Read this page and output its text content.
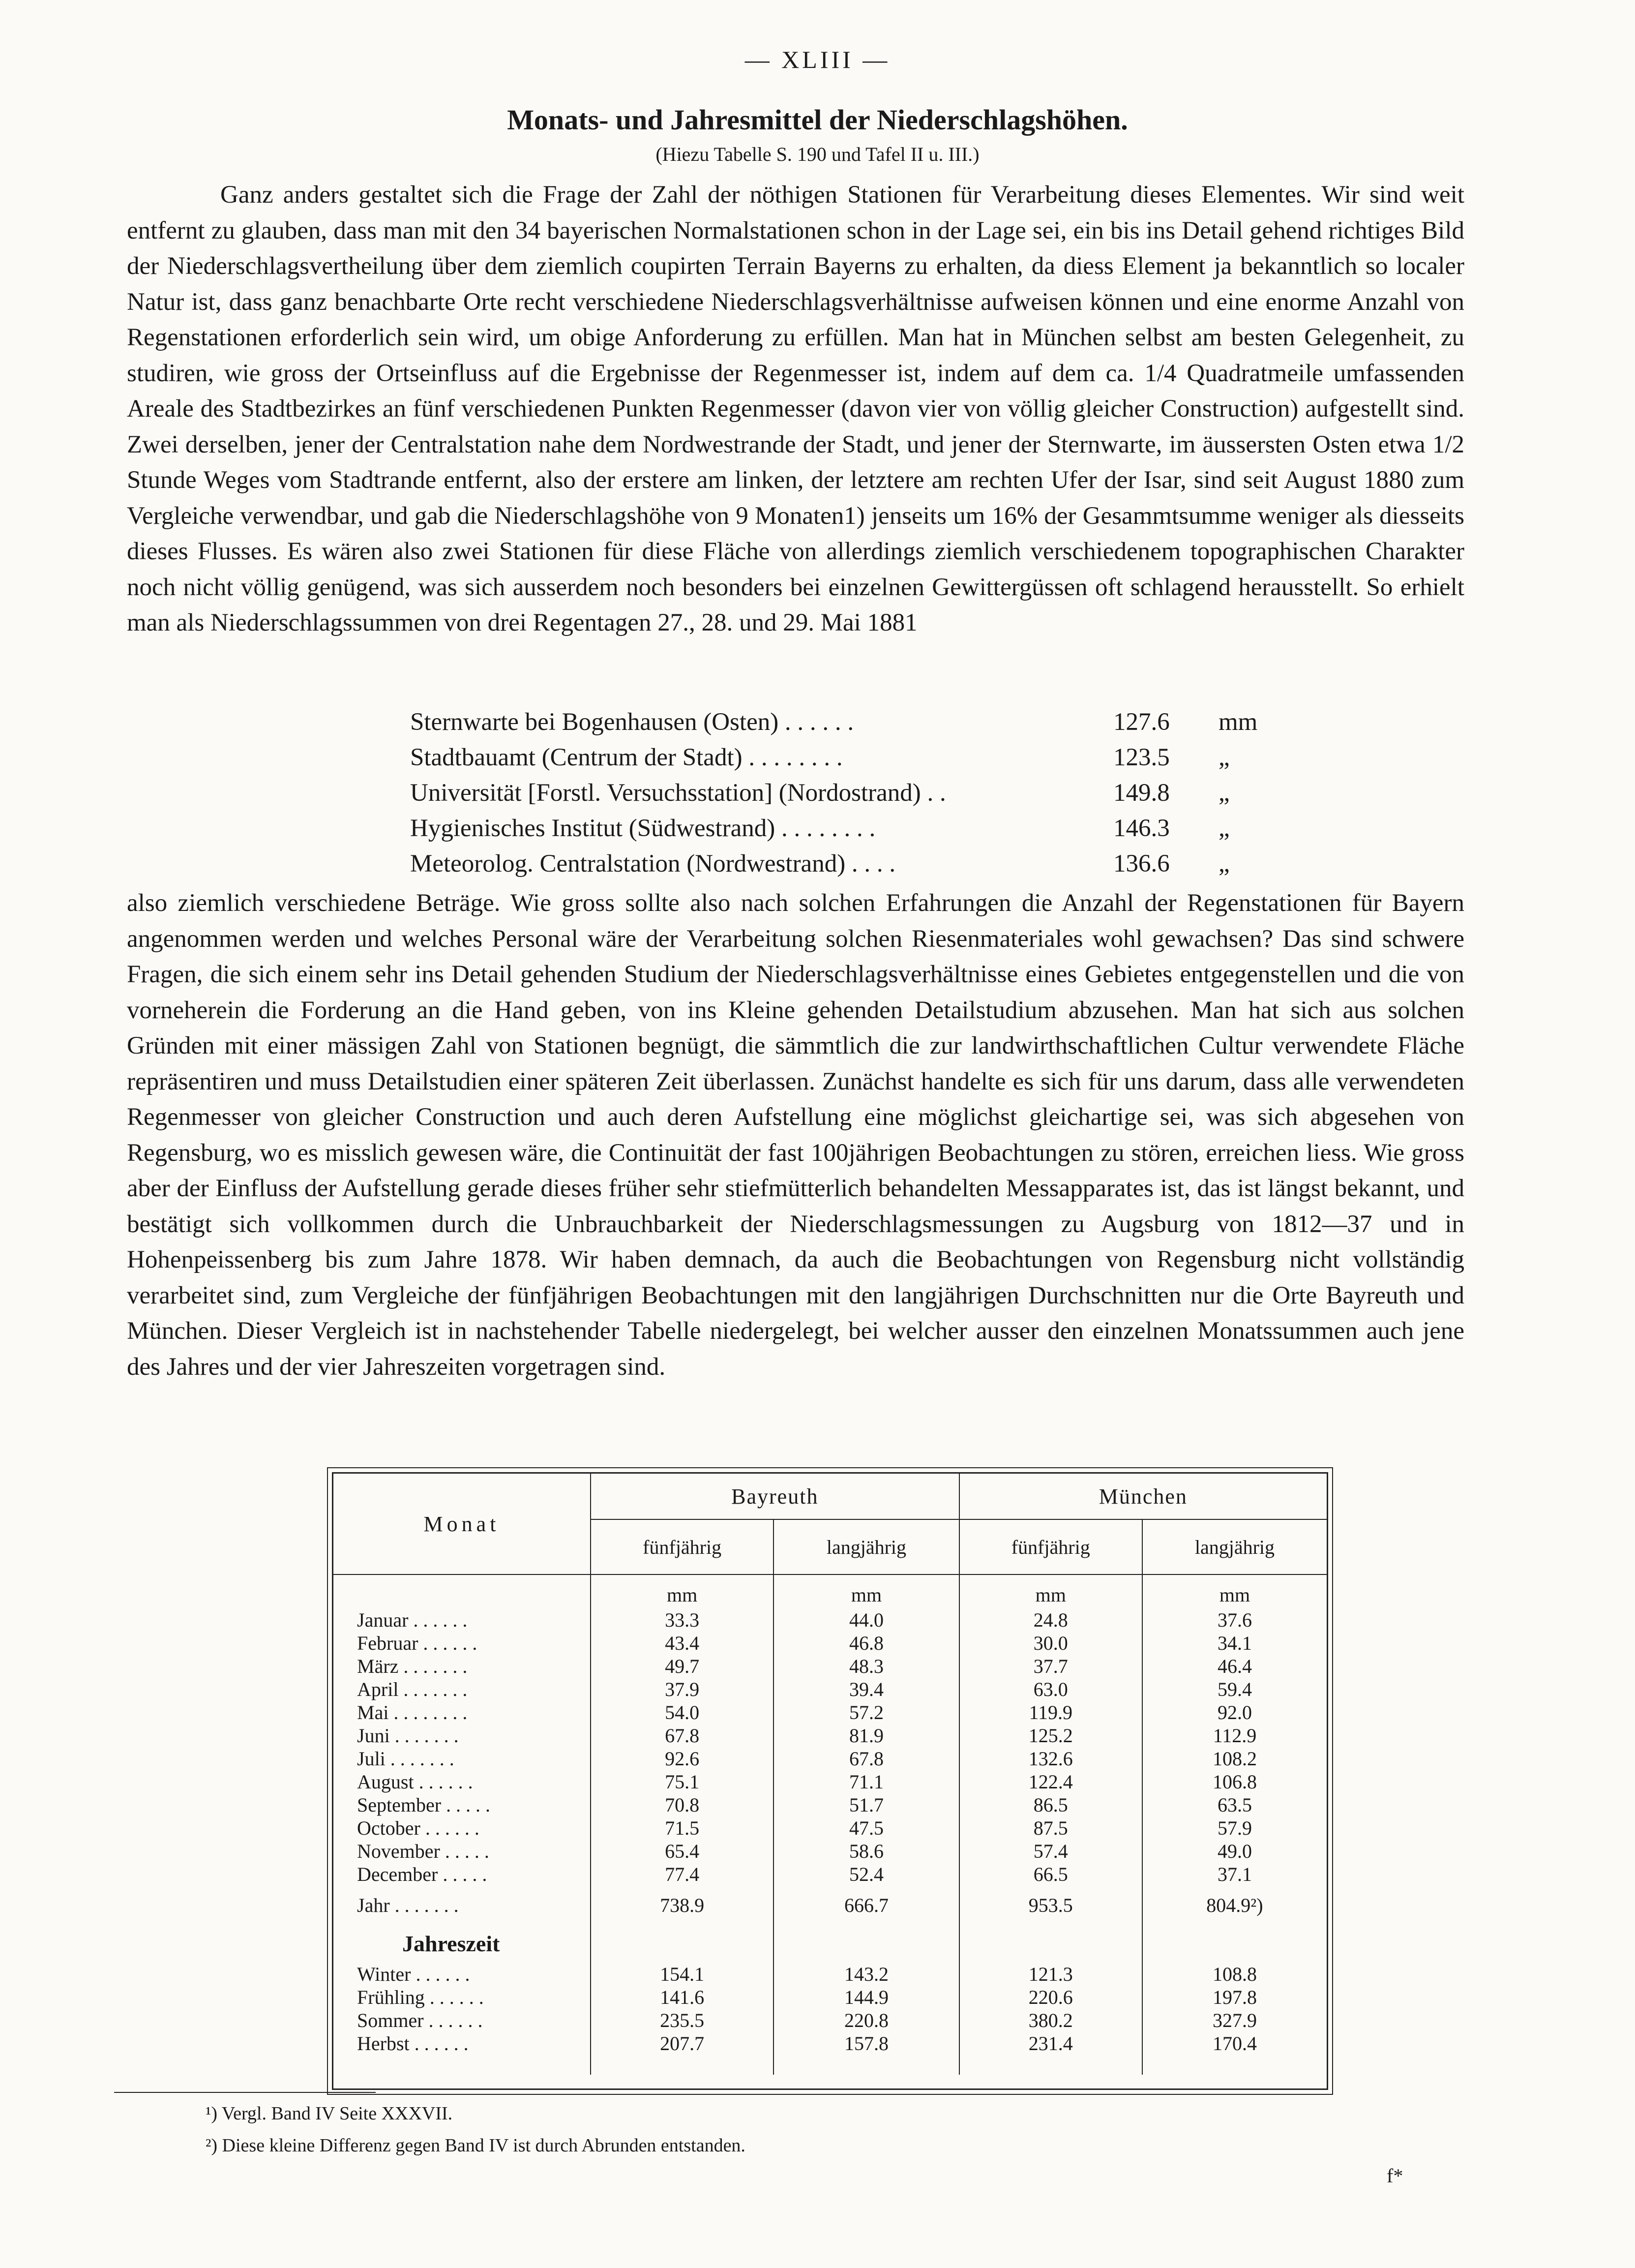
— XLIII —
Monats- und Jahresmittel der Niederschlagshöhen.
(Hiezu Tabelle S. 190 und Tafel II u. III.)

Ganz anders gestaltet sich die Frage der Zahl der nöthigen Stationen für Verarbeitung dieses Elementes. Wir sind weit entfernt zu glauben, dass man mit den 34 bayerischen Normalstationen schon in der Lage sei, ein bis ins Detail gehend richtiges Bild der Niederschlagsvertheilung über dem ziemlich coupirten Terrain Bayerns zu erhalten, da diess Element ja bekanntlich so localer Natur ist, dass ganz benachbarte Orte recht verschiedene Niederschlagsverhältnisse aufweisen können und eine enorme Anzahl von Regenstationen erforderlich sein wird, um obige Anforderung zu erfüllen. Man hat in München selbst am besten Gelegenheit, zu studiren, wie gross der Ortseinfluss auf die Ergebnisse der Regenmesser ist, indem auf dem ca. 1/4 Quadratmeile umfassenden Areale des Stadtbezirkes an fünf verschiedenen Punkten Regenmesser (davon vier von völlig gleicher Construction) aufgestellt sind. Zwei derselben, jener der Centralstation nahe dem Nordwestrande der Stadt, und jener der Sternwarte, im äussersten Osten etwa 1/2 Stunde Weges vom Stadtrande entfernt, also der erstere am linken, der letztere am rechten Ufer der Isar, sind seit August 1880 zum Vergleiche verwendbar, und gab die Niederschlagshöhe von 9 Monaten1) jenseits um 16% der Gesammtsumme weniger als diesseits dieses Flusses. Es wären also zwei Stationen für diese Fläche von allerdings ziemlich verschiedenem topographischen Charakter noch nicht völlig genügend, was sich ausserdem noch besonders bei einzelnen Gewittergüssen oft schlagend herausstellt. So erhielt man als Niederschlagssummen von drei Regentagen 27., 28. und 29. Mai 1881

Sternwarte bei Bogenhausen (Osten) . . . . . .	127.6	mm
Stadtbauamt (Centrum der Stadt) . . . . . . . .	123.5	„
Universität [Forstl. Versuchsstation] (Nordostrand) . .	149.8	„
Hygienisches Institut (Südwestrand) . . . . . . . .	146.3	„
Meteorolog. Centralstation (Nordwestrand) . . . .	136.6	„

also ziemlich verschiedene Beträge. Wie gross sollte also nach solchen Erfahrungen die Anzahl der Regenstationen für Bayern angenommen werden und welches Personal wäre der Verarbeitung solchen Riesenmateriales wohl gewachsen? Das sind schwere Fragen, die sich einem sehr ins Detail gehenden Studium der Niederschlagsverhältnisse eines Gebietes entgegenstellen und die von vorneherein die Forderung an die Hand geben, von ins Kleine gehenden Detailstudium abzusehen. Man hat sich aus solchen Gründen mit einer mässigen Zahl von Stationen begnügt, die sämmtlich die zur landwirthschaftlichen Cultur verwendete Fläche repräsentiren und muss Detailstudien einer späteren Zeit überlassen. Zunächst handelte es sich für uns darum, dass alle verwendeten Regenmesser von gleicher Construction und auch deren Aufstellung eine möglichst gleichartige sei, was sich abgesehen von Regensburg, wo es misslich gewesen wäre, die Continuität der fast 100jährigen Beobachtungen zu stören, erreichen liess. Wie gross aber der Einfluss der Aufstellung gerade dieses früher sehr stiefmütterlich behandelten Messapparates ist, das ist längst bekannt, und bestätigt sich vollkommen durch die Unbrauchbarkeit der Niederschlagsmessungen zu Augsburg von 1812—37 und in Hohenpeissenberg bis zum Jahre 1878. Wir haben demnach, da auch die Beobachtungen von Regensburg nicht vollständig verarbeitet sind, zum Vergleiche der fünfjährigen Beobachtungen mit den langjährigen Durchschnitten nur die Orte Bayreuth und München. Dieser Vergleich ist in nachstehender Tabelle niedergelegt, bei welcher ausser den einzelnen Monatssummen auch jene des Jahres und der vier Jahreszeiten vorgetragen sind.

Monat	Bayreuth		München	
	fünfjährig	langjährig	fünfjährig	langjährig
	mm	mm	mm	mm
Januar . . . . . .	33.3	44.0	24.8	37.6
Februar . . . . . .	43.4	46.8	30.0	34.1
März . . . . . . .	49.7	48.3	37.7	46.4
April . . . . . . .	37.9	39.4	63.0	59.4
Mai . . . . . . . .	54.0	57.2	119.9	92.0
Juni . . . . . . .	67.8	81.9	125.2	112.9
Juli . . . . . . .	92.6	67.8	132.6	108.2
August . . . . . .	75.1	71.1	122.4	106.8
September . . . . .	70.8	51.7	86.5	63.5
October . . . . . .	71.5	47.5	87.5	57.9
November . . . . .	65.4	58.6	57.4	49.0
December . . . . .	77.4	52.4	66.5	37.1
Jahr . . . . . . .	738.9	666.7	953.5	804.9²)
Jahreszeit				
Winter . . . . . .	154.1	143.2	121.3	108.8
Frühling . . . . . .	141.6	144.9	220.6	197.8
Sommer . . . . . .	235.5	220.8	380.2	327.9
Herbst . . . . . .	207.7	157.8	231.4	170.4

¹) Vergl. Band IV Seite XXXVII.
²) Diese kleine Differenz gegen Band IV ist durch Abrunden entstanden.
f*
